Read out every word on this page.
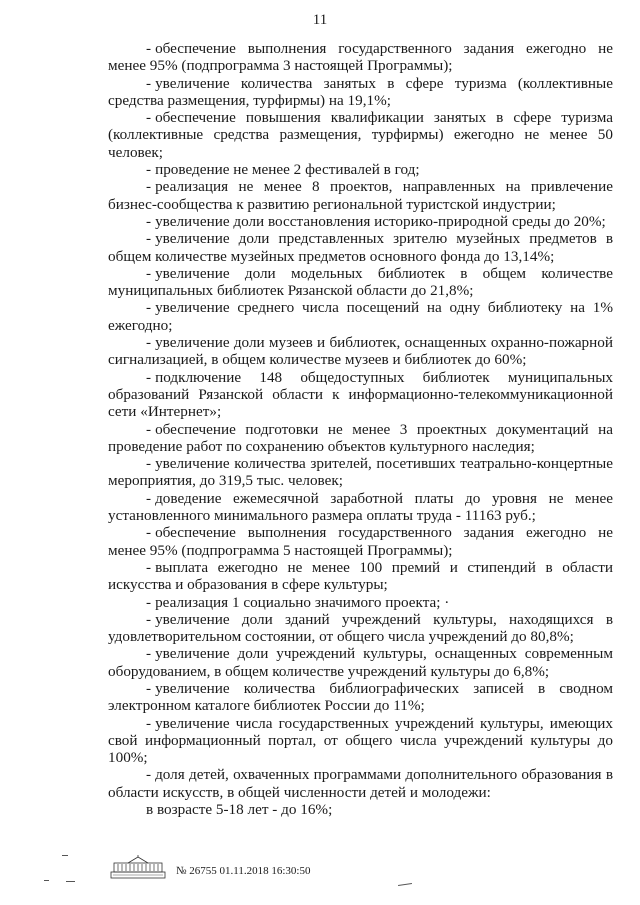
11

- обеспечение выполнения государственного задания ежегодно не менее 95% (подпрограмма 3 настоящей Программы);

- увеличение количества занятых в сфере туризма (коллективные средства размещения, турфирмы) на 19,1%;

- обеспечение повышения квалификации занятых в сфере туризма (коллективные средства размещения, турфирмы) ежегодно не менее 50 человек;

- проведение не менее 2 фестивалей в год;

- реализация не менее 8 проектов, направленных на привлечение бизнес-сообщества к развитию региональной туристской индустрии;

- увеличение доли восстановления историко-природной среды до 20%;

- увеличение доли представленных зрителю музейных предметов в общем количестве музейных предметов основного фонда до 13,14%;

- увеличение доли модельных библиотек в общем количестве муниципальных библиотек Рязанской области до 21,8%;

- увеличение среднего числа посещений на одну библиотеку на 1% ежегодно;

- увеличение доли музеев и библиотек, оснащенных охранно-пожарной сигнализацией, в общем количестве музеев и библиотек до 60%;

- подключение 148 общедоступных библиотек муниципальных образований Рязанской области к информационно-телекоммуникационной сети «Интернет»;

- обеспечение подготовки не менее 3 проектных документаций на проведение работ по сохранению объектов культурного наследия;

- увеличение количества зрителей, посетивших театрально-концертные мероприятия, до 319,5 тыс. человек;

- доведение ежемесячной заработной платы до уровня не менее установленного минимального размера оплаты труда - 11163 руб.;

- обеспечение выполнения государственного задания ежегодно не менее 95% (подпрограмма 5 настоящей Программы);

- выплата ежегодно не менее 100 премий и стипендий в области искусства и образования в сфере культуры;

- реализация 1 социально значимого проекта; ·

- увеличение доли зданий учреждений культуры, находящихся в удовлетворительном состоянии, от общего числа учреждений до 80,8%;

- увеличение доли учреждений культуры, оснащенных современным оборудованием, в общем количестве учреждений культуры до 6,8%;

- увеличение количества библиографических записей в сводном электронном каталоге библиотек России до 11%;

- увеличение числа государственных учреждений культуры, имеющих свой информационный портал, от общего числа учреждений культуры до 100%;

- доля детей, охваченных программами дополнительного образования в области искусств, в общей численности детей и молодежи:

в возрасте 5-18 лет - до 16%;

№ 26755 01.11.2018 16:30:50
